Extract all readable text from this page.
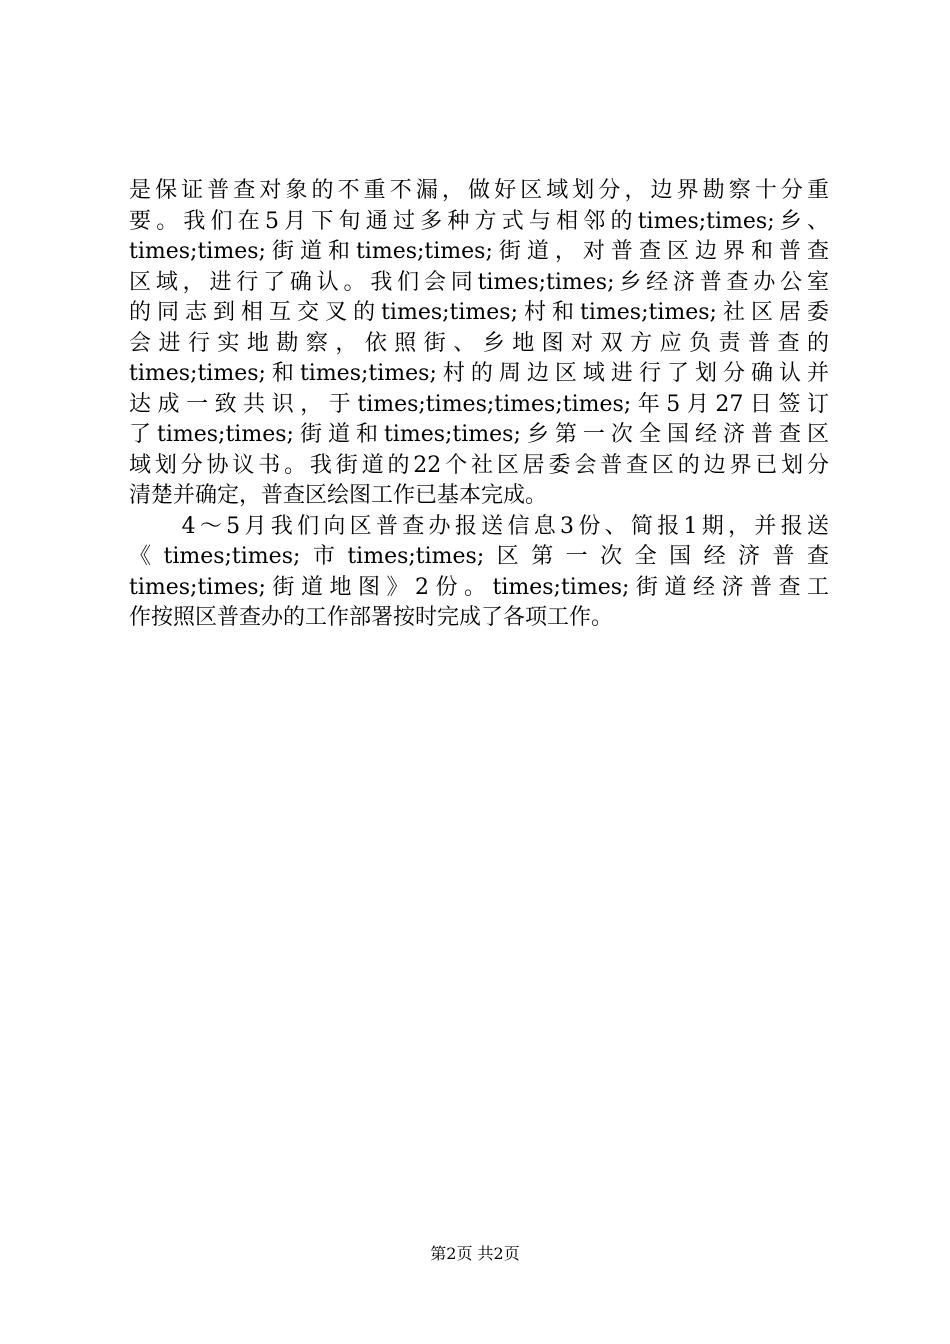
是保证普查对象的不重不漏，做好区域划分，边界勘察十分重
要。我们在5月下旬通过多种方式与相邻的times;times;乡、
times;times;街道和times;times;街道，对普查区边界和普查
区域，进行了确认。我们会同times;times;乡经济普查办公室
的同志到相互交叉的times;times;村和times;times;社区居委
会进行实地勘察，依照街、乡地图对双方应负责普查的
times;times;和times;times;村的周边区域进行了划分确认并
达成一致共识，于times;times;times;times;年5月27日签订
了times;times;街道和times;times;乡第一次全国经济普查区
域划分协议书。我街道的22个社区居委会普查区的边界已划分
清楚并确定，普查区绘图工作已基本完成。
　　4～5月我们向区普查办报送信息3份、简报1期，并报送
《times;times;市times;times;区第一次全国经济普查
times;times;街道地图》2份。times;times;街道经济普查工
作按照区普查办的工作部署按时完成了各项工作。
第2页 共2页
